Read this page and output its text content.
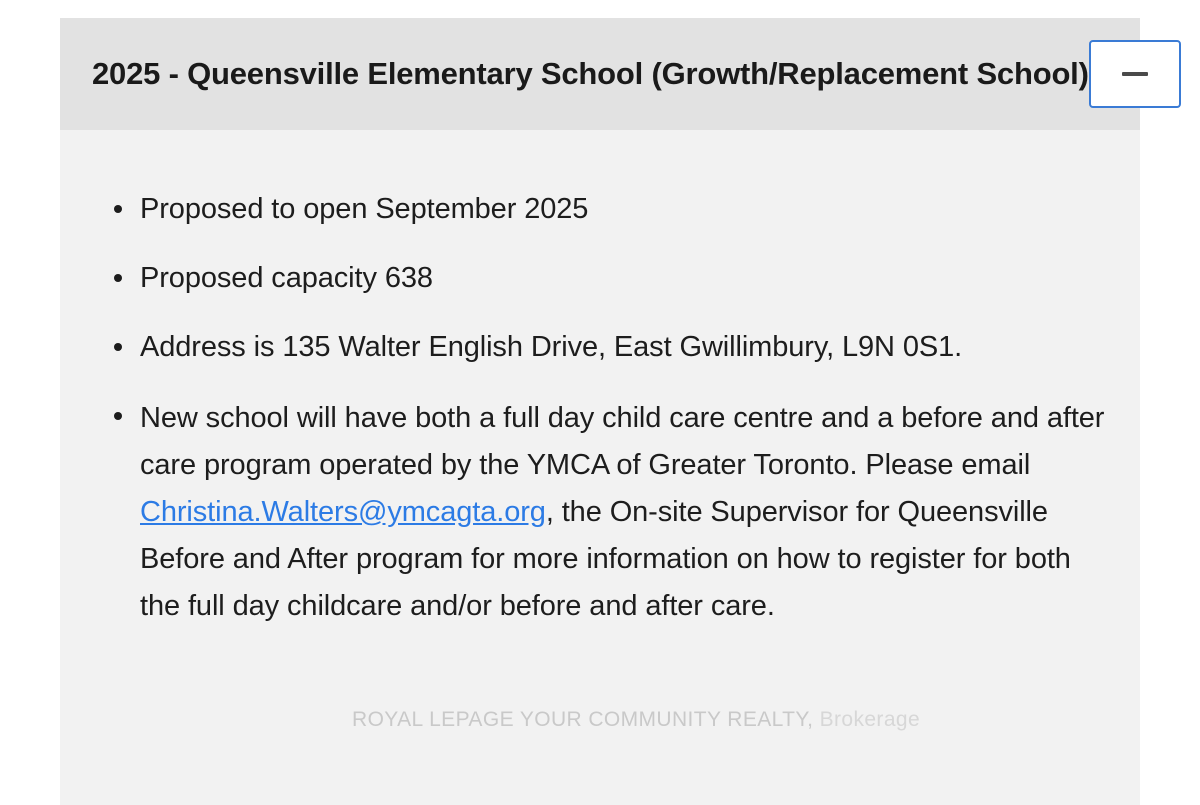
2025 - Queensville Elementary School (Growth/Replacement School)
Proposed to open September 2025
Proposed capacity 638
Address is 135 Walter English Drive, East Gwillimbury, L9N 0S1.
New school will have both a full day child care centre and a before and after care program operated by the YMCA of Greater Toronto. Please email Christina.Walters@ymcagta.org, the On-site Supervisor for Queensville Before and After program for more information on how to register for both the full day childcare and/or before and after care.
ROYAL LEPAGE YOUR COMMUNITY REALTY, Brokerage
